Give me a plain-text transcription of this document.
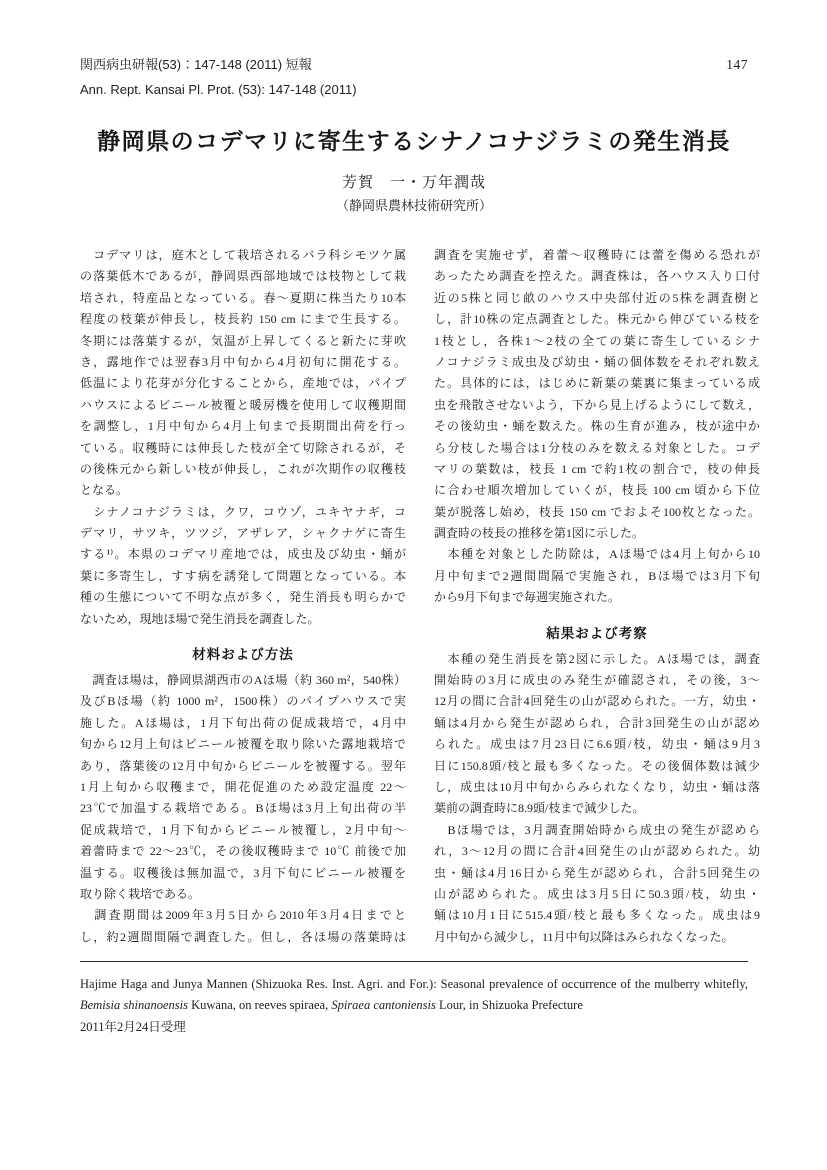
関西病虫研報(53)：147-148 (2011) 短報	147
Ann. Rept. Kansai Pl. Prot. (53): 147-148 (2011)
静岡県のコデマリに寄生するシナノコナジラミの発生消長
芳賀　一・万年潤哉
（静岡県農林技術研究所）
　コデマリは，庭木として栽培されるバラ科シモツケ属
の落葉低木であるが，静岡県西部地域では枝物として栽
培され，特産品となっている。春～夏期に株当たり10本
程度の枝葉が伸長し，枝長約 150 cm にまで生長する。
冬期には落葉するが，気温が上昇してくると新たに芽吹
き，露地作では翌春3月中旬から4月初旬に開花する。
低温により花芽が分化することから，産地では，パイプ
ハウスによるビニール被覆と暖房機を使用して収穫期間
を調整し，1月中旬から4月上旬まで長期間出荷を行っ
ている。収穫時には伸長した枝が全て切除されるが，そ
の後株元から新しい枝が伸長し，これが次期作の収穫枝
となる。
　シナノコナジラミは，クワ，コウゾ，ユキヤナギ，コ
デマリ，サツキ，ツツジ，アザレア，シャクナゲに寄生
する¹⁾。本県のコデマリ産地では，成虫及び幼虫・蛹が
葉に多寄生し，すす病を誘発して問題となっている。本
種の生態について不明な点が多く，発生消長も明らかで
ないため，現地ほ場で発生消長を調査した。
材料および方法
　調査ほ場は，静岡県湖西市のAほ場（約 360 m²，540株）
及びBほ場（約 1000 m²，1500株）のパイプハウスで実
施した。Aほ場は，1月下旬出荷の促成栽培で，4月中
旬から12月上旬はビニール被覆を取り除いた露地栽培で
あり，落葉後の12月中旬からビニールを被覆する。翌年
1月上旬から収穫まで，開花促進のため設定温度 22～
23℃で加温する栽培である。Bほ場は3月上旬出荷の半
促成栽培で，1月下旬からビニール被覆し，2月中旬～
着蕾時まで 22～23℃，その後収穫時まで 10℃ 前後で加
温する。収穫後は無加温で，3月下旬にビニール被覆を
取り除く栽培である。
　調査期間は2009年3月5日から2010年3月4日までと
し，約2週間間隔で調査した。但し，各ほ場の落葉時は
調査を実施せず，着蕾～収穫時には蕾を傷める恐れが
あったため調査を控えた。調査株は，各ハウス入り口付
近の5株と同じ畝のハウス中央部付近の5株を調査樹と
し，計10株の定点調査とした。株元から伸びている枝を
1枝とし，各株1～2枝の全ての葉に寄生しているシナ
ノコナジラミ成虫及び幼虫・蛹の個体数をそれぞれ数え
た。具体的には，はじめに新葉の葉裏に集まっている成
虫を飛散させないよう，下から見上げるようにして数え，
その後幼虫・蛹を数えた。株の生育が進み，枝が途中か
ら分枝した場合は1分枝のみを数える対象とした。コデ
マリの葉数は，枝長 1 cm で約1枚の割合で，枝の伸長
に合わせ順次増加していくが，枝長 100 cm 頃から下位
葉が脱落し始め，枝長 150 cm でおよそ100枚となった。
調査時の枝長の推移を第1図に示した。
　本種を対象とした防除は，Aほ場では4月上旬から10
月中旬まで2週間間隔で実施され，Bほ場では3月下旬
から9月下旬まで毎週実施された。
結果および考察
　本種の発生消長を第2図に示した。Aほ場では，調査
開始時の3月に成虫のみ発生が確認され，その後，3～
12月の間に合計4回発生の山が認められた。一方，幼虫・
蛹は4月から発生が認められ，合計3回発生の山が認め
られた。成虫は7月23日に6.6頭/枝，幼虫・蛹は9月3
日に150.8頭/枝と最も多くなった。その後個体数は減少
し，成虫は10月中旬からみられなくなり，幼虫・蛹は落
葉前の調査時に8.9頭/枝まで減少した。
　Bほ場では，3月調査開始時から成虫の発生が認めら
れ，3～12月の間に合計4回発生の山が認められた。幼
虫・蛹は4月16日から発生が認められ，合計5回発生の
山が認められた。成虫は3月5日に50.3頭/枝，幼虫・
蛹は10月1日に515.4頭/枝と最も多くなった。成虫は9
月中旬から減少し，11月中旬以降はみられなくなった。
Hajime Haga and Junya Mannen (Shizuoka Res. Inst. Agri. and For.): Seasonal prevalence of occurrence of the mulberry whitefly, Bemisia shinanoensis Kuwana, on reeves spiraea, Spiraea cantoniensis Lour, in Shizuoka Prefecture
2011年2月24日受理
